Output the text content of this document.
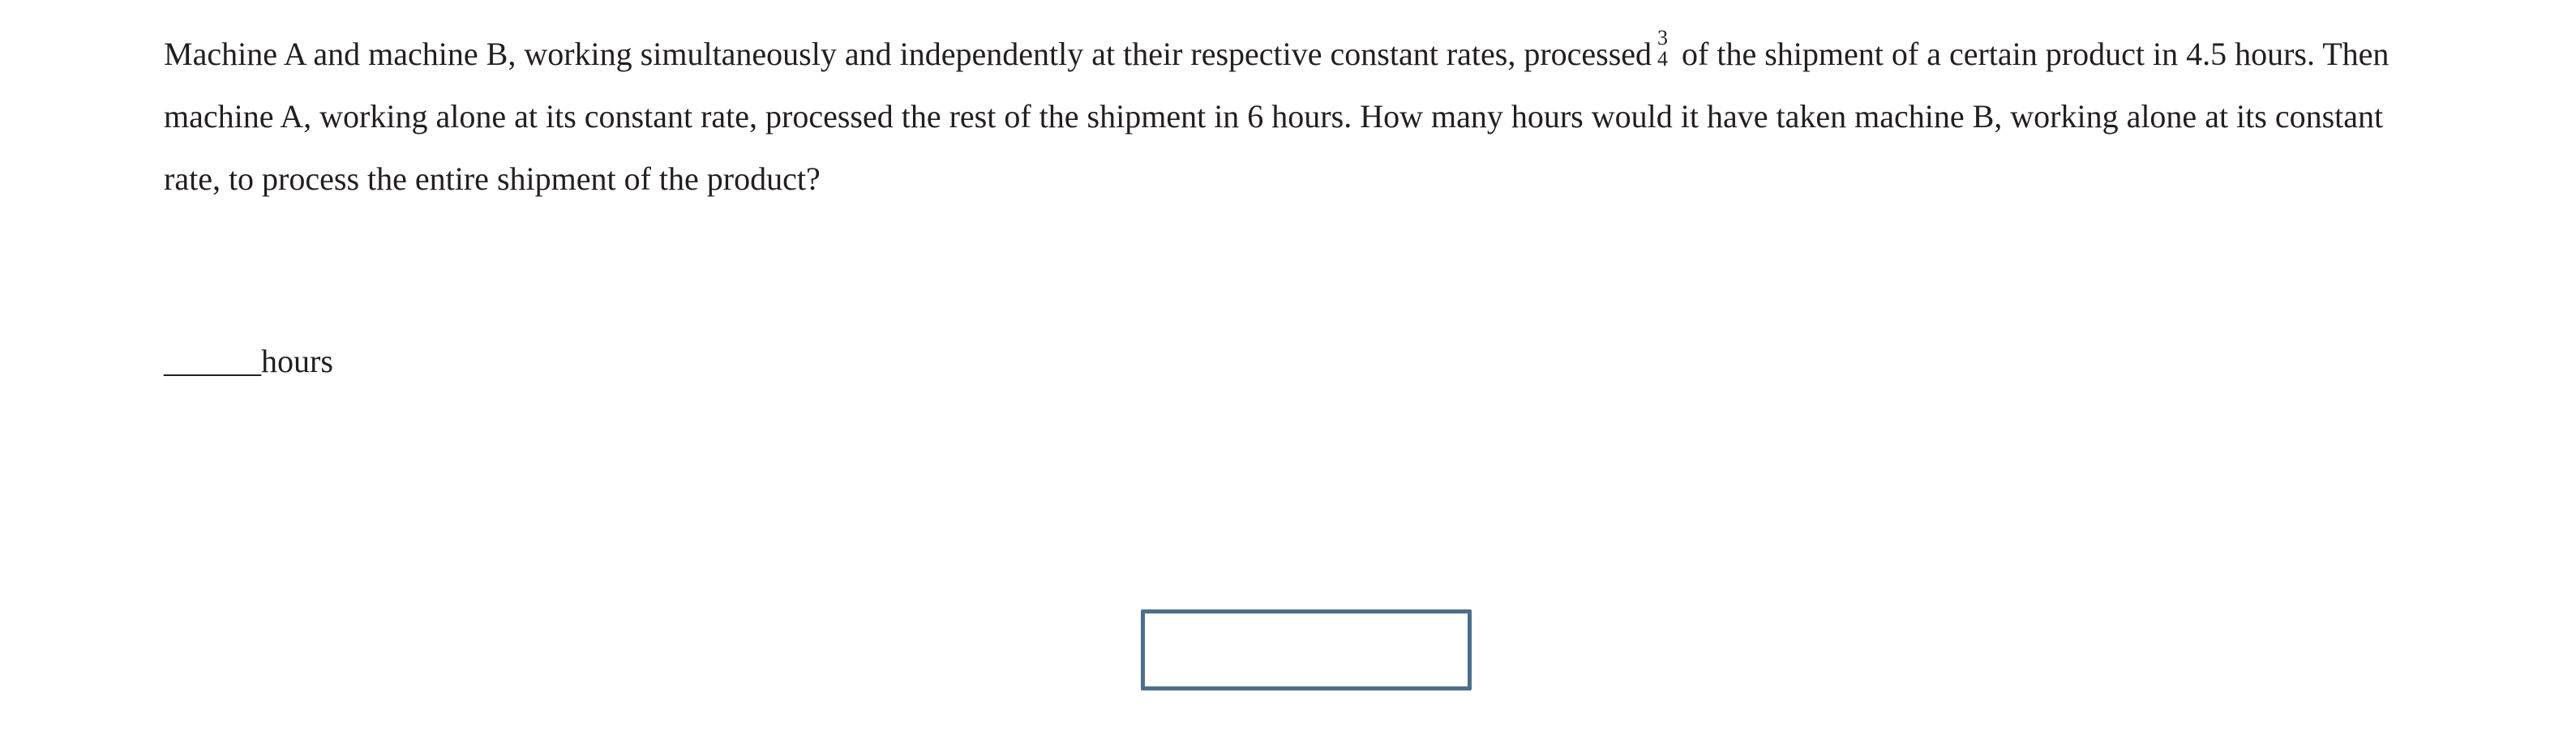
Machine A and machine B, working simultaneously and independently at their respective constant rates, processed 3
4 of the shipment of a certain product in 4.5 hours. Then machine A, working alone at its constant rate, processed the rest of the shipment in 6 hours. How many hours would it have taken machine B, working alone at its constant rate, to process the entire shipment of the product?
______hours
